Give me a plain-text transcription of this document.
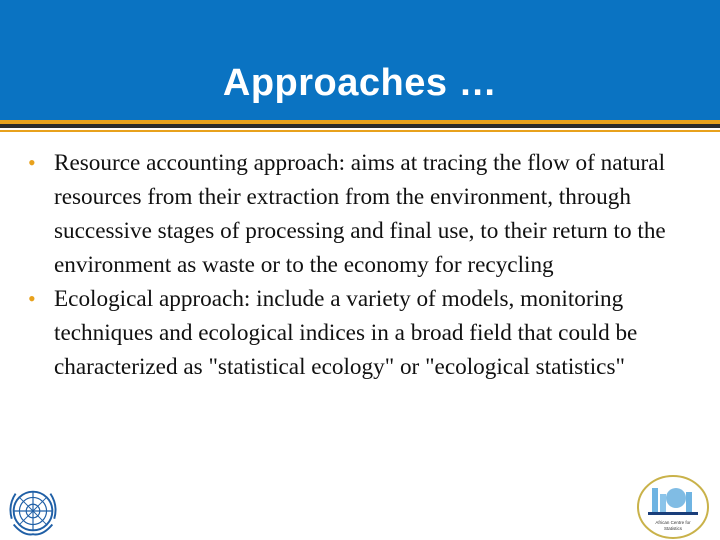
Approaches …
• Resource accounting approach: aims at tracing the flow of natural resources from their extraction from the environment, through successive stages of processing and final use, to their return to the environment as waste or to the economy for recycling
• Ecological approach: include a variety of models, monitoring techniques and ecological indices in a broad field that could be characterized as "statistical ecology" or "ecological statistics"
African Centre for
Statistics
